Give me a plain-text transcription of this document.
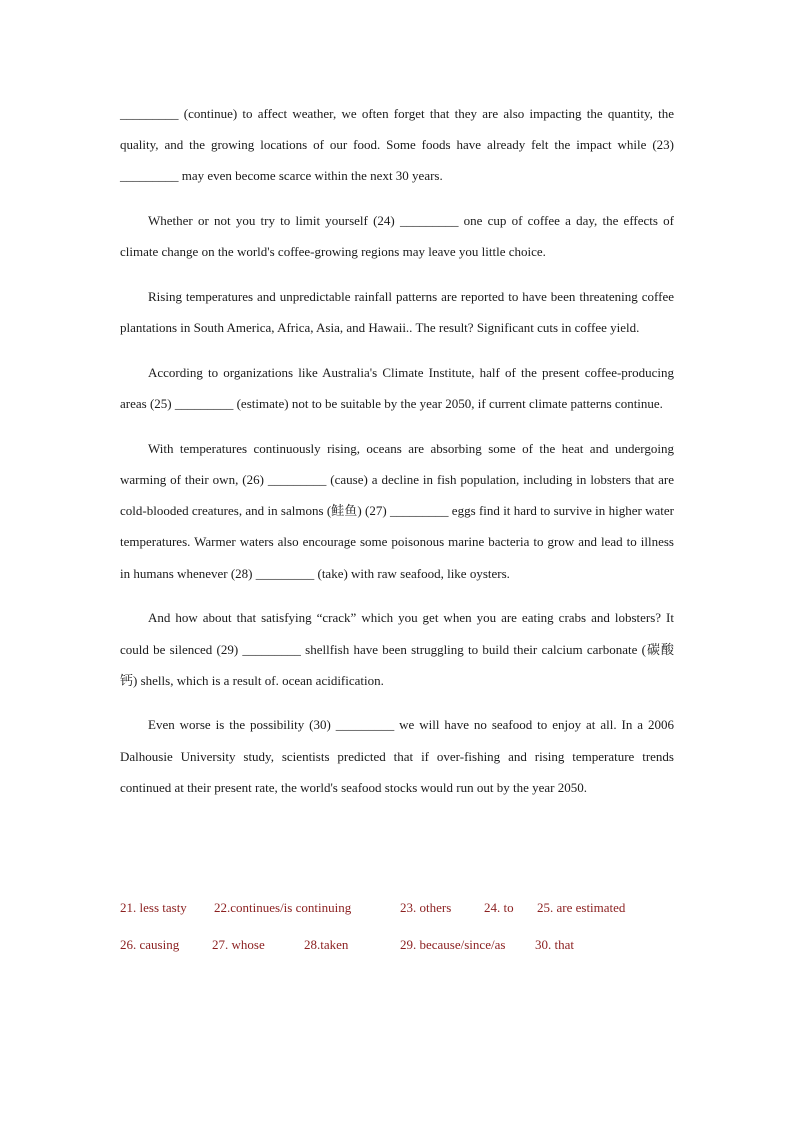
_________ (continue) to affect weather, we often forget that they are also impacting the quantity, the quality, and the growing locations of our food. Some foods have already felt the impact while (23) _________ may even become scarce within the next 30 years.

Whether or not you try to limit yourself (24) _________ one cup of coffee a day, the effects of climate change on the world's coffee-growing regions may leave you little choice.

Rising temperatures and unpredictable rainfall patterns are reported to have been threatening coffee plantations in South America, Africa, Asia, and Hawaii.. The result? Significant cuts in coffee yield.

According to organizations like Australia's Climate Institute, half of the present coffee-producing areas (25) _________ (estimate) not to be suitable by the year 2050, if current climate patterns continue.

With temperatures continuously rising, oceans are absorbing some of the heat and undergoing warming of their own, (26) _________ (cause) a decline in fish population, including in lobsters that are cold-blooded creatures, and in salmons (鲑鱼) (27) _________ eggs find it hard to survive in higher water temperatures. Warmer waters also encourage some poisonous marine bacteria to grow and lead to illness in humans whenever (28) _________ (take) with raw seafood, like oysters.

And how about that satisfying “crack” which you get when you are eating crabs and lobsters? It could be silenced (29) _________ shellfish have been struggling to build their calcium carbonate (碳酸钙) shells, which is a result of. ocean acidification.

Even worse is the possibility (30) _________ we will have no seafood to enjoy at all. In a 2006 Dalhousie University study, scientists predicted that if over-fishing and rising temperature trends continued at their present rate, the world's seafood stocks would run out by the year 2050.

21. less tasty 22.continues/is continuing	23. others	24. to 25. are estimated
26. causing	27. whose	28.taken	29. because/since/as 30. that
